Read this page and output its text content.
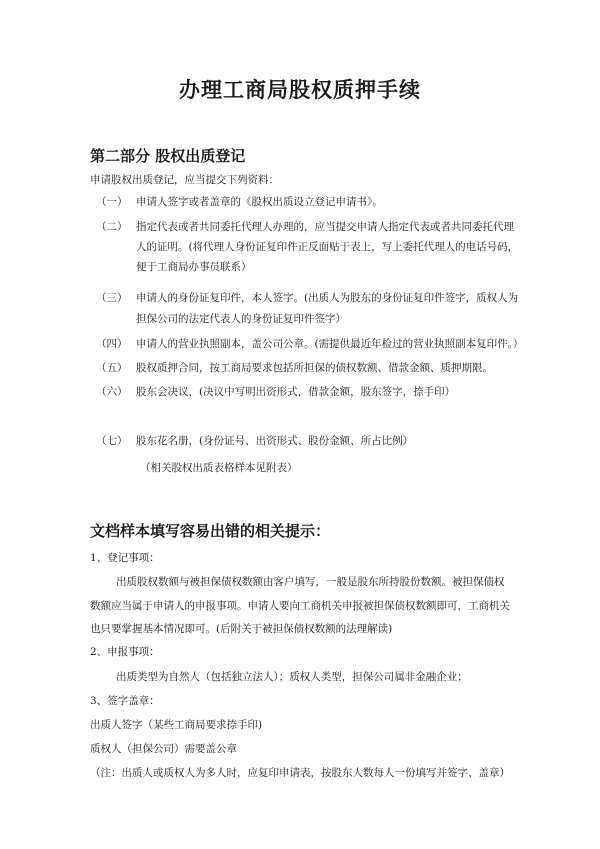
办理工商局股权质押手续
第二部分 股权出质登记
申请股权出质登记，应当提交下列资料：
（一） 申请人签字或者盖章的《股权出质设立登记申请书》。
（二） 指定代表或者共同委托代理人办理的，应当提交申请人指定代表或者共同委托代理
人的证明。(将代理人身份证复印件正反面贴于表上，写上委托代理人的电话号码，
便于工商局办事员联系）
（三） 申请人的身份证复印件，本人签字。(出质人为股东的身份证复印件签字，质权人为
担保公司的法定代表人的身份证复印件签字）
（四） 申请人的营业执照副本，盖公司公章。(需提供最近年检过的营业执照副本复印件。）
（五） 股权质押合同，按工商局要求包括所担保的债权数额、借款金额、质押期限。
（六） 股东会决议，(决议中写明出资形式，借款金额，股东签字，捺手印）
（七） 股东花名册，(身份证号、出资形式、股份金额、所占比例）
（相关股权出质表格样本见附表）
文档样本填写容易出错的相关提示：
1、登记事项：
出质股权数额与被担保债权数额由客户填写，一般是股东所持股份数额。被担保债权
数额应当属于申请人的申报事项。申请人要向工商机关申报被担保债权数额即可，工商机关
也只要掌握基本情况即可。(后附关于被担保债权数额的法理解读)
2、申报事项：
出质类型为自然人（包括独立法人）；质权人类型，担保公司属非金融企业；
3、签字盖章：
出质人签字（某些工商局要求捺手印)
质权人（担保公司）需要盖公章
（注：出质人或质权人为多人时，应复印申请表，按股东人数每人一份填写并签字、盖章）
